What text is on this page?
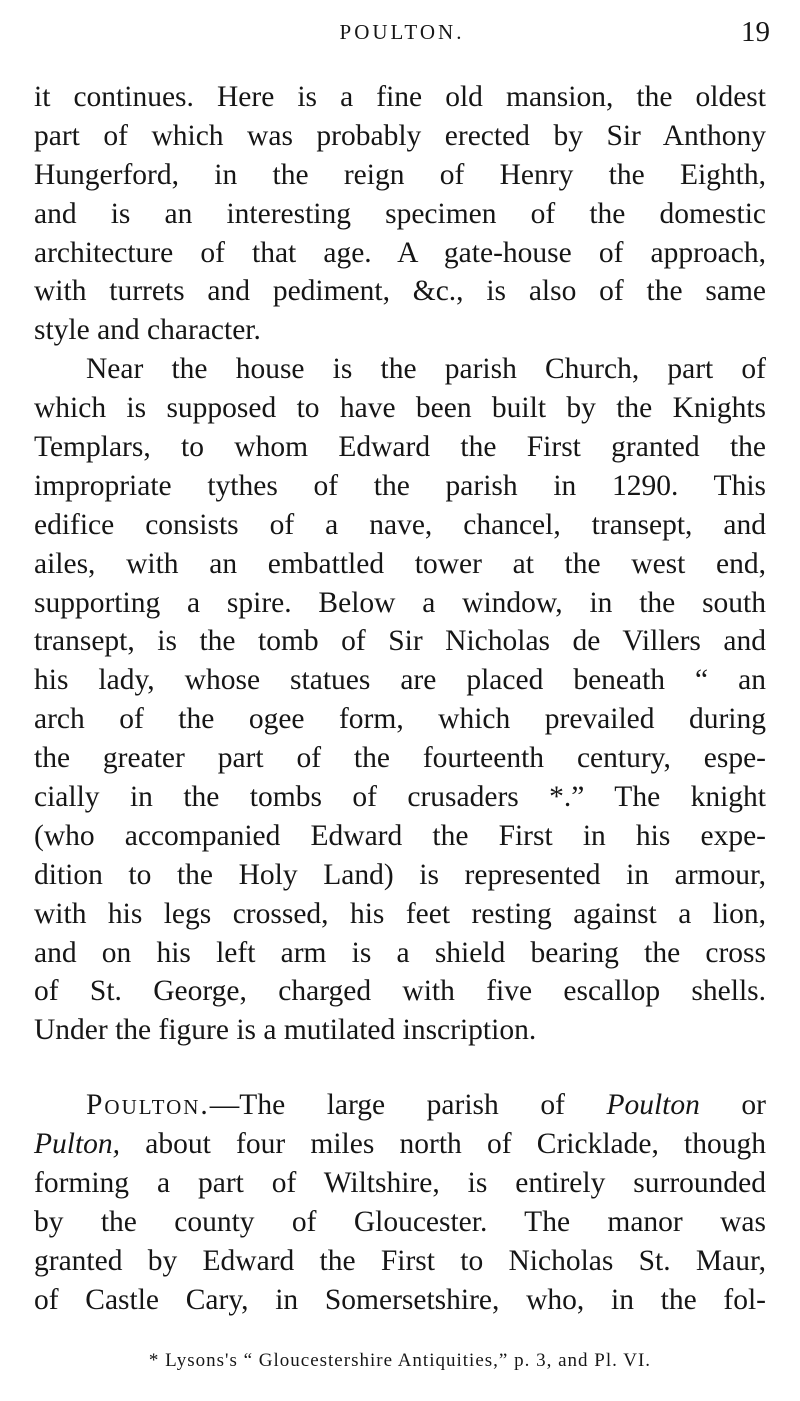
POULTON.	19
it continues. Here is a fine old mansion, the oldest
part of which was probably erected by Sir Anthony
Hungerford, in the reign of Henry the Eighth,
and is an interesting specimen of the domestic
architecture of that age. A gate-house of approach,
with turrets and pediment, &c., is also of the same
style and character.
Near the house is the parish Church, part of
which is supposed to have been built by the Knights
Templars, to whom Edward the First granted the
impropriate tythes of the parish in 1290. This
edifice consists of a nave, chancel, transept, and
ailes, with an embattled tower at the west end,
supporting a spire. Below a window, in the south
transept, is the tomb of Sir Nicholas de Villers and
his lady, whose statues are placed beneath “ an
arch of the ogee form, which prevailed during
the greater part of the fourteenth century, espe-
cially in the tombs of crusaders *.” The knight
(who accompanied Edward the First in his expe-
dition to the Holy Land) is represented in armour,
with his legs crossed, his feet resting against a lion,
and on his left arm is a shield bearing the cross
of St. George, charged with five escallop shells.
Under the figure is a mutilated inscription.
Poulton.—The large parish of Poulton or
Pulton, about four miles north of Cricklade, though
forming a part of Wiltshire, is entirely surrounded
by the county of Gloucester. The manor was
granted by Edward the First to Nicholas St. Maur,
of Castle Cary, in Somersetshire, who, in the fol-
* Lysons's “ Gloucestershire Antiquities,” p. 3, and Pl. VI.
